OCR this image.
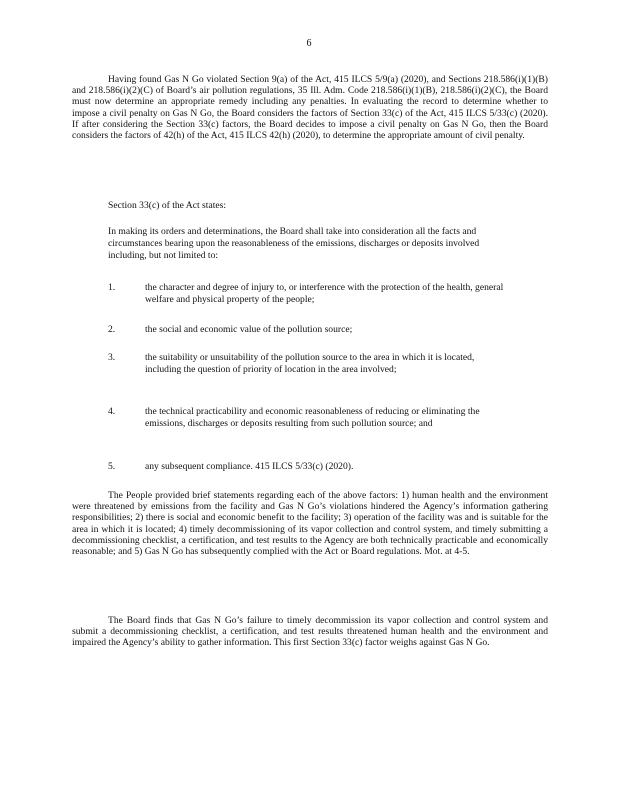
6

Having found Gas N Go violated Section 9(a) of the Act, 415 ILCS 5/9(a) (2020), and Sections 218.586(i)(1)(B) and 218.586(i)(2)(C) of Board’s air pollution regulations, 35 Ill. Adm. Code 218.586(i)(1)(B), 218.586(i)(2)(C), the Board must now determine an appropriate remedy including any penalties. In evaluating the record to determine whether to impose a civil penalty on Gas N Go, the Board considers the factors of Section 33(c) of the Act, 415 ILCS 5/33(c) (2020). If after considering the Section 33(c) factors, the Board decides to impose a civil penalty on Gas N Go, then the Board considers the factors of 42(h) of the Act, 415 ILCS 42(h) (2020), to determine the appropriate amount of civil penalty.

Section 33(c) of the Act states:

In making its orders and determinations, the Board shall take into consideration all the facts and circumstances bearing upon the reasonableness of the emissions, discharges or deposits involved including, but not limited to:

1.	the character and degree of injury to, or interference with the protection of the health, general welfare and physical property of the people;
2.	the social and economic value of the pollution source;
3.	the suitability or unsuitability of the pollution source to the area in which it is located, including the question of priority of location in the area involved;
4.	the technical practicability and economic reasonableness of reducing or eliminating the emissions, discharges or deposits resulting from such pollution source; and
5.	any subsequent compliance. 415 ILCS 5/33(c) (2020).

The People provided brief statements regarding each of the above factors: 1) human health and the environment were threatened by emissions from the facility and Gas N Go’s violations hindered the Agency’s information gathering responsibilities; 2) there is social and economic benefit to the facility; 3) operation of the facility was and is suitable for the area in which it is located; 4) timely decommissioning of its vapor collection and control system, and timely submitting a decommissioning checklist, a certification, and test results to the Agency are both technically practicable and economically reasonable; and 5) Gas N Go has subsequently complied with the Act or Board regulations. Mot. at 4-5.

The Board finds that Gas N Go’s failure to timely decommission its vapor collection and control system and submit a decommissioning checklist, a certification, and test results threatened human health and the environment and impaired the Agency’s ability to gather information. This first Section 33(c) factor weighs against Gas N Go.
